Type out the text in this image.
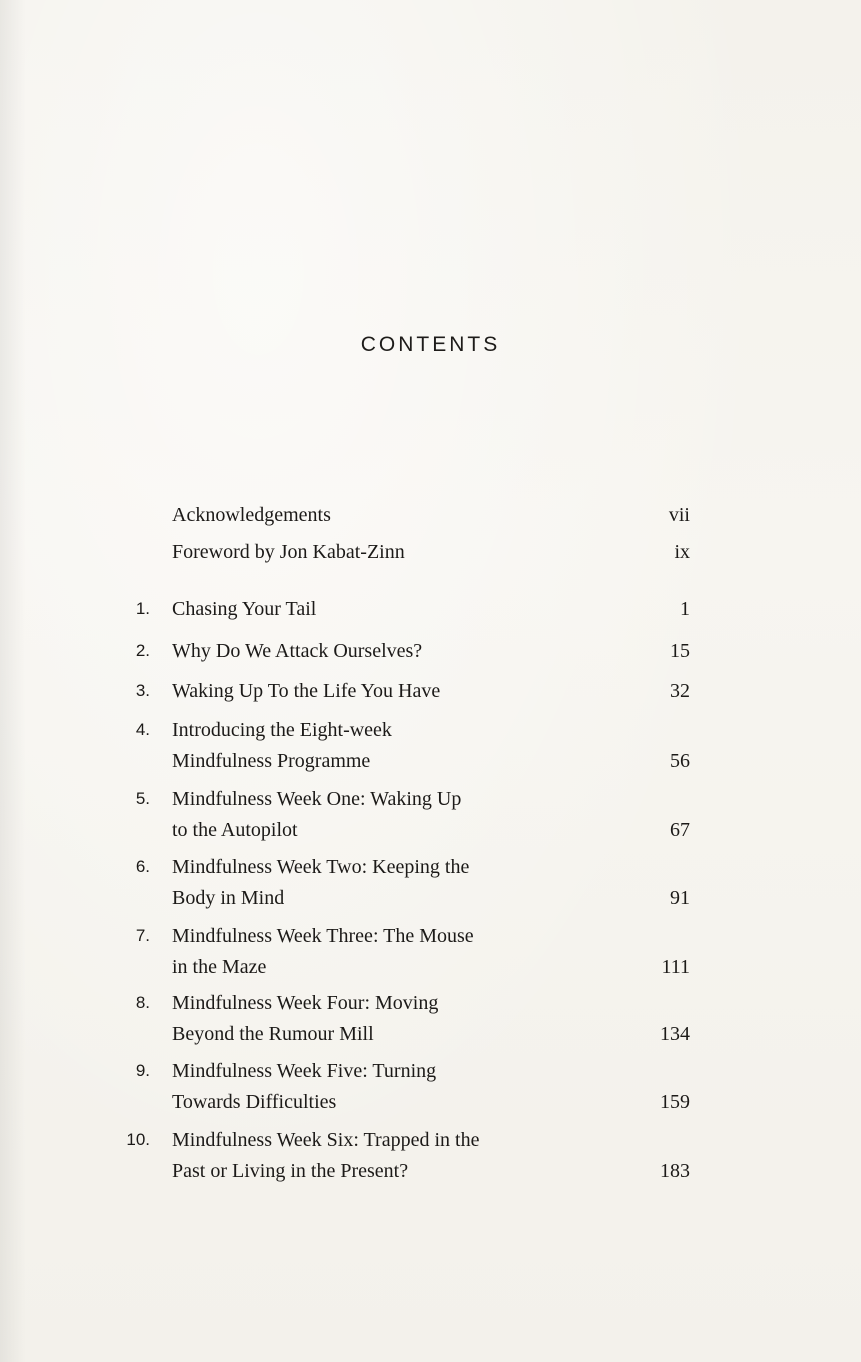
CONTENTS
Acknowledgements	vii
Foreword by Jon Kabat-Zinn	ix
1. Chasing Your Tail	1
2. Why Do We Attack Ourselves?	15
3. Waking Up To the Life You Have	32
4. Introducing the Eight-week
Mindfulness Programme	56
5. Mindfulness Week One: Waking Up
to the Autopilot	67
6. Mindfulness Week Two: Keeping the
Body in Mind	91
7. Mindfulness Week Three: The Mouse
in the Maze	111
8. Mindfulness Week Four: Moving
Beyond the Rumour Mill	134
9. Mindfulness Week Five: Turning
Towards Difficulties	159
10. Mindfulness Week Six: Trapped in the
Past or Living in the Present?	183
